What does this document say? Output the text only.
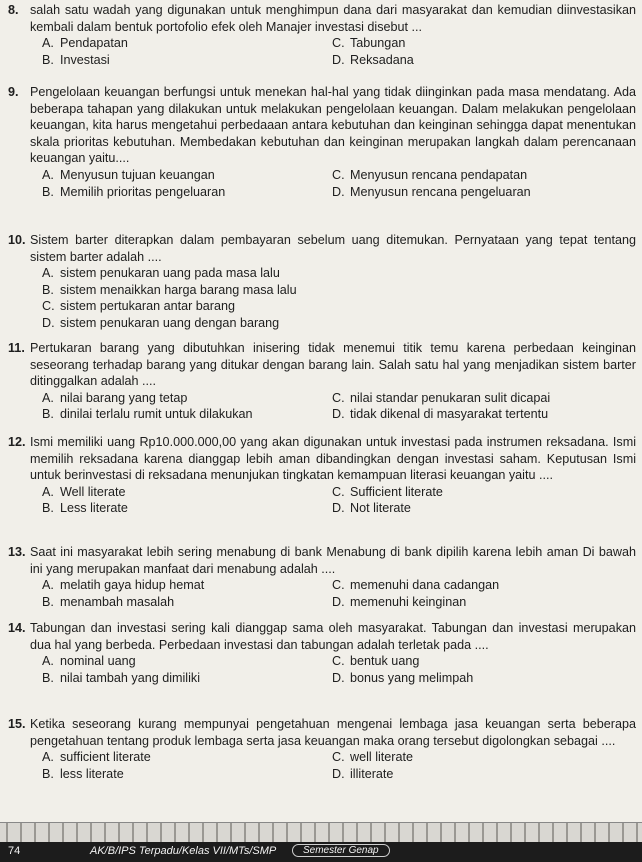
8. salah satu wadah yang digunakan untuk menghimpun dana dari masyarakat dan kemudian diinvestasikan kembali dalam bentuk portofolio efek oleh Manajer investasi disebut ...
A. Pendapatan	C. Tabungan
B. Investasi	D. Reksadana
9. Pengelolaan keuangan berfungsi untuk menekan hal-hal yang tidak diinginkan pada masa mendatang. Ada beberapa tahapan yang dilakukan untuk melakukan pengelolaan keuangan. Dalam melakukan pengelolaan keuangan, kita harus mengetahui perbedaaan antara kebutuhan dan keinginan sehingga dapat menentukan skala prioritas kebutuhan. Membedakan kebutuhan dan keinginan merupakan langkah dalam perencanaan keuangan yaitu....
A. Menyusun tujuan keuangan	C. Menyusun rencana pendapatan
B. Memilih prioritas pengeluaran	D. Menyusun rencana pengeluaran
10. Sistem barter diterapkan dalam pembayaran sebelum uang ditemukan. Pernyataan yang tepat tentang sistem barter adalah ....
A. sistem penukaran uang pada masa lalu
B. sistem menaikkan harga barang masa lalu
C. sistem pertukaran antar barang
D. sistem penukaran uang dengan barang
11. Pertukaran barang yang dibutuhkan inisering tidak menemui titik temu karena perbedaan keinginan seseorang terhadap barang yang ditukar dengan barang lain. Salah satu hal yang menjadikan sistem barter ditinggalkan adalah ....
A. nilai barang yang tetap	C. nilai standar penukaran sulit dicapai
B. dinilai terlalu rumit untuk dilakukan	D. tidak dikenal di masyarakat tertentu
12. Ismi memiliki uang Rp10.000.000,00 yang akan digunakan untuk investasi pada instrumen reksadana. Ismi memilih reksadana karena dianggap lebih aman dibandingkan dengan investasi saham. Keputusan Ismi untuk berinvestasi di reksadana menunjukan tingkatan kemampuan literasi keuangan yaitu ....
A. Well literate	C. Sufficient literate
B. Less literate	D. Not literate
13. Saat ini masyarakat lebih sering menabung di bank Menabung di bank dipilih karena lebih aman Di bawah ini yang merupakan manfaat dari menabung adalah ....
A. melatih gaya hidup hemat	C. memenuhi dana cadangan
B. menambah masalah	D. memenuhi keinginan
14. Tabungan dan investasi sering kali dianggap sama oleh masyarakat. Tabungan dan investasi merupakan dua hal yang berbeda. Perbedaan investasi dan tabungan adalah terletak pada ....
A. nominal uang	C. bentuk uang
B. nilai tambah yang dimiliki	D. bonus yang melimpah
15. Ketika seseorang kurang mempunyai pengetahuan mengenai lembaga jasa keuangan serta beberapa pengetahuan tentang produk lembaga serta jasa keuangan maka orang tersebut digolongkan sebagai ....
A. sufficient literate	C. well literate
B. less literate	D. illiterate
74	AK/B/IPS Terpadu/Kelas VII/MTs/SMP	Semester Genap
